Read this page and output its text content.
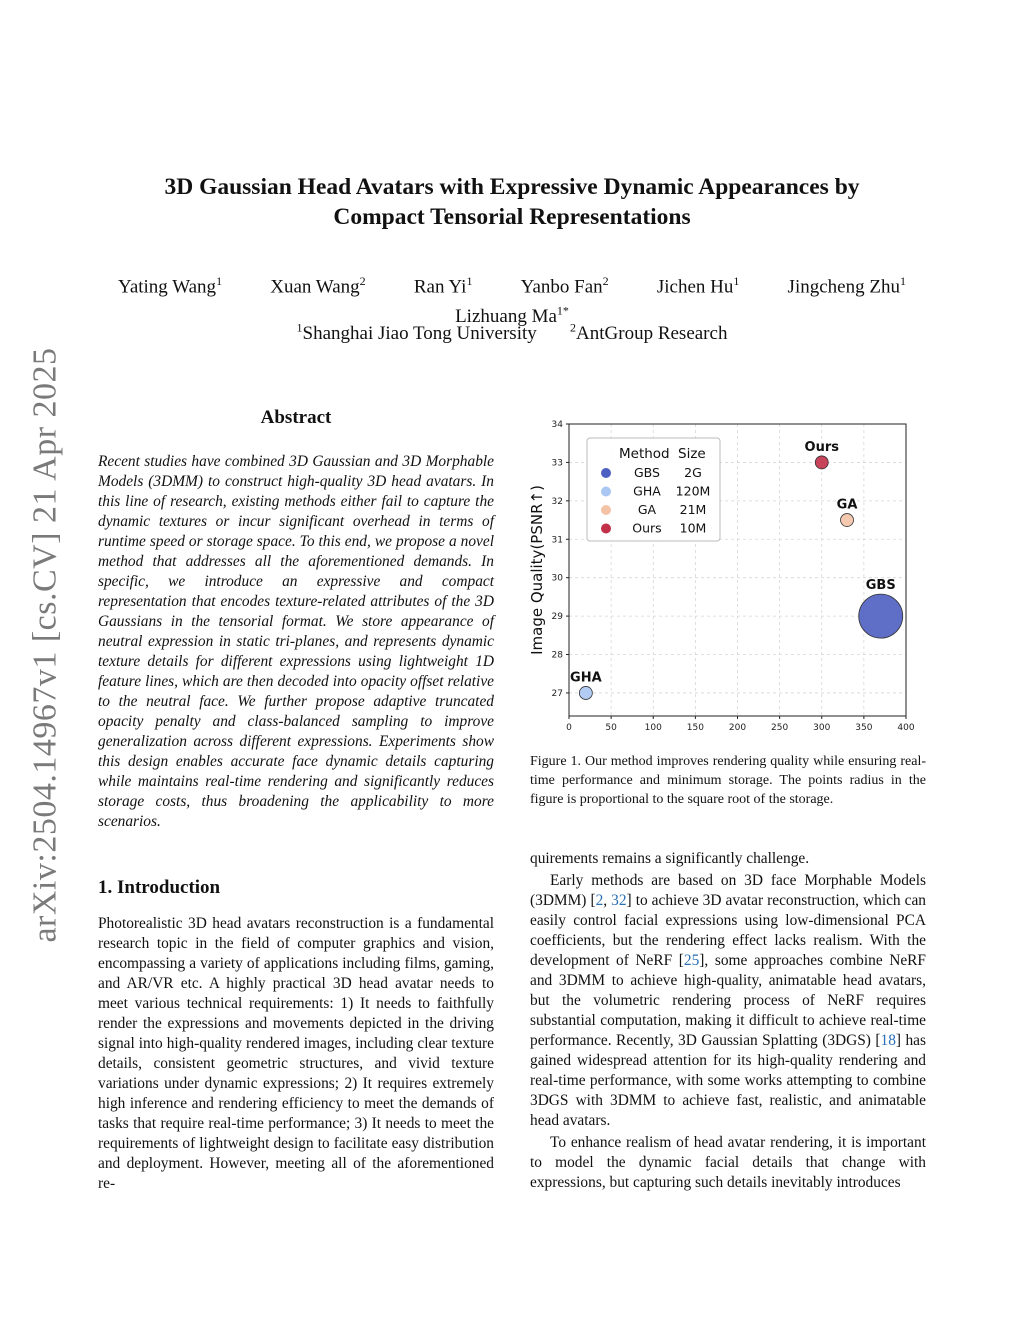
arXiv:2504.14967v1 [cs.CV] 21 Apr 2025
3D Gaussian Head Avatars with Expressive Dynamic Appearances by
Compact Tensorial Representations
Yating Wang$^1$	Xuan Wang$^2$	Ran Yi$^1$	Yanbo Fan$^2$	Jichen Hu$^1$	Jingcheng Zhu$^1$
Lizhuang $Ma^{1*}$
$^1$Shanghai Jiao Tong University	$^2$AntGroup Research
Abstract

Recent studies have combined 3D Gaussian and 3D Morphable Models (3DMM) to construct high-quality 3D head avatars. In this line of research, existing methods either fail to capture the dynamic textures or incur significant overhead in terms of runtime speed or storage space. To this end, we propose a novel method that addresses all the aforementioned demands. In specific, we introduce an expressive and compact representation that encodes texture-related attributes of the 3D Gaussians in the tensorial format. We store appearance of neutral expression in static tri-planes, and represents dynamic texture details for different expressions using lightweight 1D feature lines, which are then decoded into opacity offset relative to the neutral face. We further propose adaptive truncated opacity penalty and class-balanced sampling to improve generalization across different expressions. Experiments show this design enables accurate face dynamic details capturing while maintains real-time rendering and significantly reduces storage costs, thus broadening the applicability to more scenarios.

1. Introduction

Photorealistic 3D head avatars reconstruction is a fundamental research topic in the field of computer graphics and vision, encompassing a variety of applications including films, gaming, and AR/VR etc. A highly practical 3D head avatar needs to meet various technical requirements: 1) It needs to faithfully render the expressions and movements depicted in the driving signal into high-quality rendered images, including clear texture details, consistent geometric structures, and vivid texture variations under dynamic expressions; 2) It requires extremely high inference and rendering efficiency to meet the demands of tasks that require real-time performance; 3) It needs to meet the requirements of lightweight design to facilitate easy distribution and deployment. However, meeting all of the aforementioned re-

0	50	100	150	200	250	300	350	400
27
28
29
30
31
32
33
34
Image Quality(PSNR↑)	GBS
GHA
GA
Ours
Method Size
GBS 2G
GHA 120M
GA 21M
Ours 10M

Figure 1. Our method improves rendering quality while ensuring real-time performance and minimum storage. The points radius in the figure is proportional to the square root of the storage.

quirements remains a significantly challenge.

Early methods are based on 3D face Morphable Models (3DMM) [2, 32] to achieve 3D avatar reconstruction, which can easily control facial expressions using low-dimensional PCA coefficients, but the rendering effect lacks realism. With the development of NeRF [25], some approaches combine NeRF and 3DMM to achieve high-quality, animatable head avatars, but the volumetric rendering process of NeRF requires substantial computation, making it difficult to achieve real-time performance. Recently, 3D Gaussian Splatting (3DGS) [18] has gained widespread attention for its high-quality rendering and real-time performance, with some works attempting to combine 3DGS with 3DMM to achieve fast, realistic, and animatable head avatars.

To enhance realism of head avatar rendering, it is important to model the dynamic facial details that change with expressions, but capturing such details inevitably introduces
